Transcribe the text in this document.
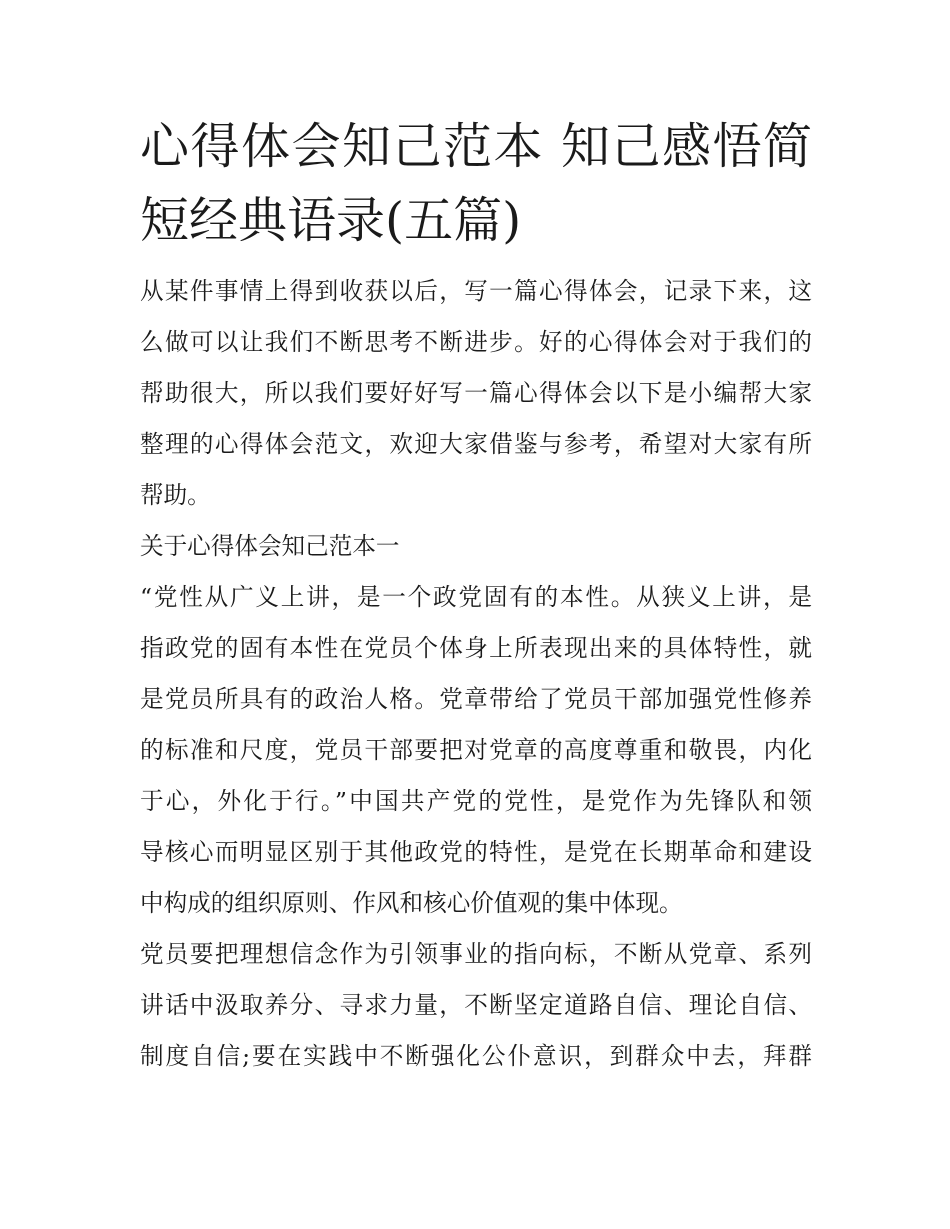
心得体会知己范本 知己感悟简
短经典语录(五篇)

从某件事情上得到收获以后，写一篇心得体会，记录下来，这
么做可以让我们不断思考不断进步。好的心得体会对于我们的
帮助很大，所以我们要好好写一篇心得体会以下是小编帮大家
整理的心得体会范文，欢迎大家借鉴与参考，希望对大家有所
帮助。

关于心得体会知己范本一

“党性从广义上讲，是一个政党固有的本性。从狭义上讲，是
指政党的固有本性在党员个体身上所表现出来的具体特性，就
是党员所具有的政治人格。党章带给了党员干部加强党性修养
的标准和尺度，党员干部要把对党章的高度尊重和敬畏，内化
于心，外化于行。”中国共产党的党性，是党作为先锋队和领
导核心而明显区别于其他政党的特性，是党在长期革命和建设
中构成的组织原则、作风和核心价值观的集中体现。

党员要把理想信念作为引领事业的指向标，不断从党章、系列
讲话中汲取养分、寻求力量，不断坚定道路自信、理论自信、
制度自信;要在实践中不断强化公仆意识，到群众中去，拜群
